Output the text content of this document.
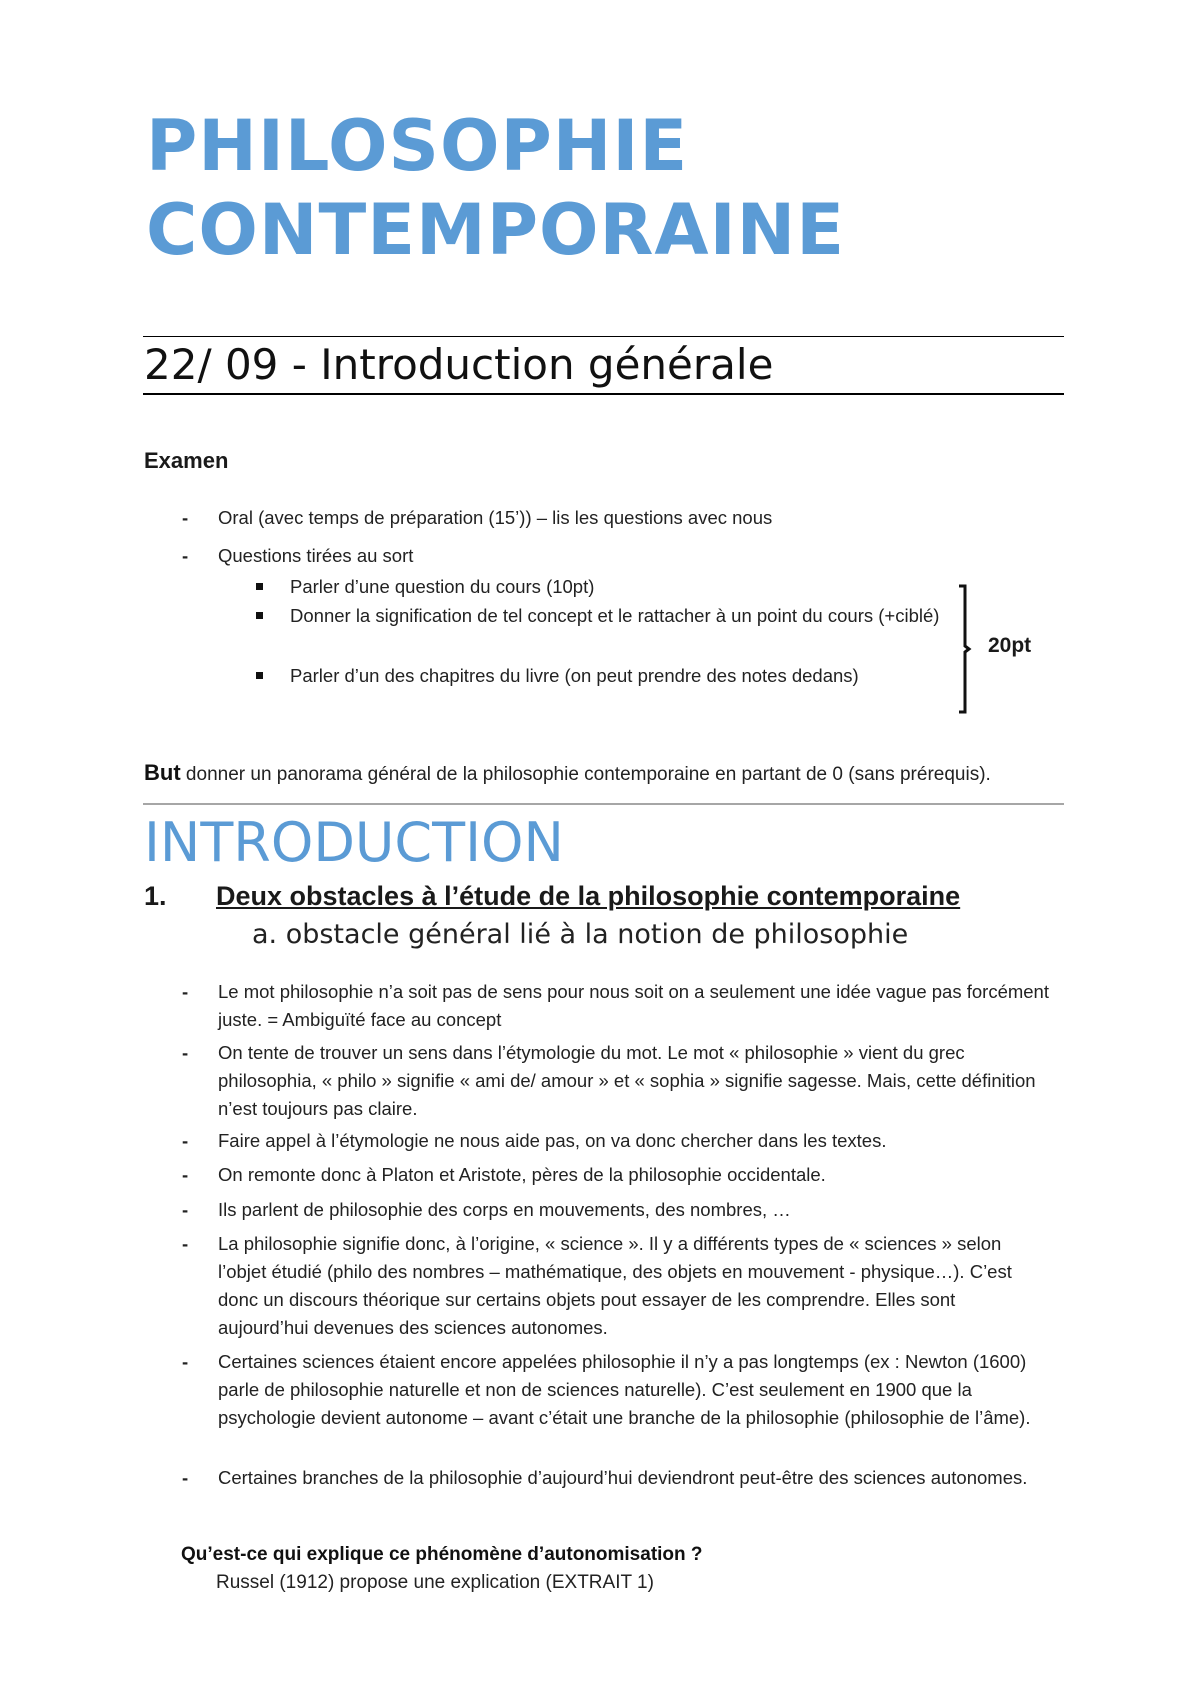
PHILOSOPHIE
CONTEMPORAINE
22/ 09 - Introduction générale
Examen
- Oral (avec temps de préparation (15’)) – lis les questions avec nous
- Questions tirées au sort
Parler d’une question du cours (10pt)
Donner la signification de tel concept et le rattacher à un point du cours (+ciblé)
Parler d’un des chapitres du livre (on peut prendre des notes dedans)
20pt
But donner un panorama général de la philosophie contemporaine en partant de 0 (sans prérequis).
INTRODUCTION
1. Deux obstacles à l’étude de la philosophie contemporaine
a. obstacle général lié à la notion de philosophie
- Le mot philosophie n’a soit pas de sens pour nous soit on a seulement une idée vague pas forcément juste. = Ambiguïté face au concept
- On tente de trouver un sens dans l’étymologie du mot. Le mot « philosophie » vient du grec philosophia, « philo » signifie « ami de/ amour » et « sophia » signifie sagesse. Mais, cette définition n’est toujours pas claire.
- Faire appel à l’étymologie ne nous aide pas, on va donc chercher dans les textes.
- On remonte donc à Platon et Aristote, pères de la philosophie occidentale.
- Ils parlent de philosophie des corps en mouvements, des nombres, …
- La philosophie signifie donc, à l’origine, « science ». Il y a différents types de « sciences » selon l’objet étudié (philo des nombres – mathématique, des objets en mouvement - physique…). C’est donc un discours théorique sur certains objets pout essayer de les comprendre. Elles sont aujourd’hui devenues des sciences autonomes.
- Certaines sciences étaient encore appelées philosophie il n’y a pas longtemps (ex : Newton (1600) parle de philosophie naturelle et non de sciences naturelle). C’est seulement en 1900 que la psychologie devient autonome – avant c’était une branche de la philosophie (philosophie de l’âme).
- Certaines branches de la philosophie d’aujourd’hui deviendront peut-être des sciences autonomes.
Qu’est-ce qui explique ce phénomène d’autonomisation ?
Russel (1912) propose une explication (EXTRAIT 1)
